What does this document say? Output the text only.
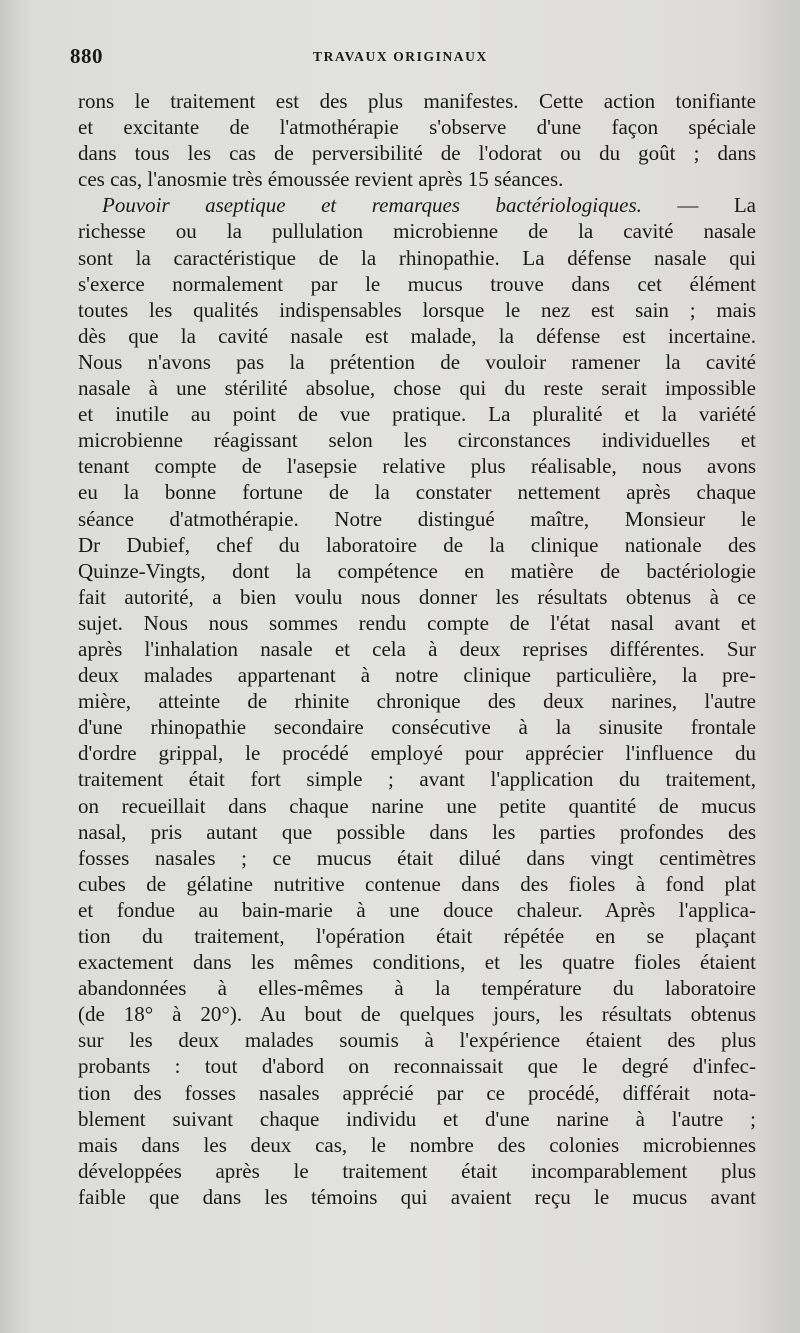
880	TRAVAUX ORIGINAUX
rons le traitement est des plus manifestes. Cette action tonifiante
et excitante de l'atmothérapie s'observe d'une façon spéciale
dans tous les cas de perversibilité de l'odorat ou du goût ; dans
ces cas, l'anosmie très émoussée revient après 15 séances.
Pouvoir aseptique et remarques bactériologiques. — La
richesse ou la pullulation microbienne de la cavité nasale
sont la caractéristique de la rhinopathie. La défense nasale qui
s'exerce normalement par le mucus trouve dans cet élément
toutes les qualités indispensables lorsque le nez est sain ; mais
dès que la cavité nasale est malade, la défense est incertaine.
Nous n'avons pas la prétention de vouloir ramener la cavité
nasale à une stérilité absolue, chose qui du reste serait impossible
et inutile au point de vue pratique. La pluralité et la variété
microbienne réagissant selon les circonstances individuelles et
tenant compte de l'asepsie relative plus réalisable, nous avons
eu la bonne fortune de la constater nettement après chaque
séance d'atmothérapie. Notre distingué maître, Monsieur le
Dr Dubief, chef du laboratoire de la clinique nationale des
Quinze-Vingts, dont la compétence en matière de bactériologie
fait autorité, a bien voulu nous donner les résultats obtenus à ce
sujet. Nous nous sommes rendu compte de l'état nasal avant et
après l'inhalation nasale et cela à deux reprises différentes. Sur
deux malades appartenant à notre clinique particulière, la pre-
mière, atteinte de rhinite chronique des deux narines, l'autre
d'une rhinopathie secondaire consécutive à la sinusite frontale
d'ordre grippal, le procédé employé pour apprécier l'influence du
traitement était fort simple ; avant l'application du traitement,
on recueillait dans chaque narine une petite quantité de mucus
nasal, pris autant que possible dans les parties profondes des
fosses nasales ; ce mucus était dilué dans vingt centimètres
cubes de gélatine nutritive contenue dans des fioles à fond plat
et fondue au bain-marie à une douce chaleur. Après l'applica-
tion du traitement, l'opération était répétée en se plaçant
exactement dans les mêmes conditions, et les quatre fioles étaient
abandonnées à elles-mêmes à la température du laboratoire
(de 18° à 20°). Au bout de quelques jours, les résultats obtenus
sur les deux malades soumis à l'expérience étaient des plus
probants : tout d'abord on reconnaissait que le degré d'infec-
tion des fosses nasales apprécié par ce procédé, différait nota-
blement suivant chaque individu et d'une narine à l'autre ;
mais dans les deux cas, le nombre des colonies microbiennes
développées après le traitement était incomparablement plus
faible que dans les témoins qui avaient reçu le mucus avant
